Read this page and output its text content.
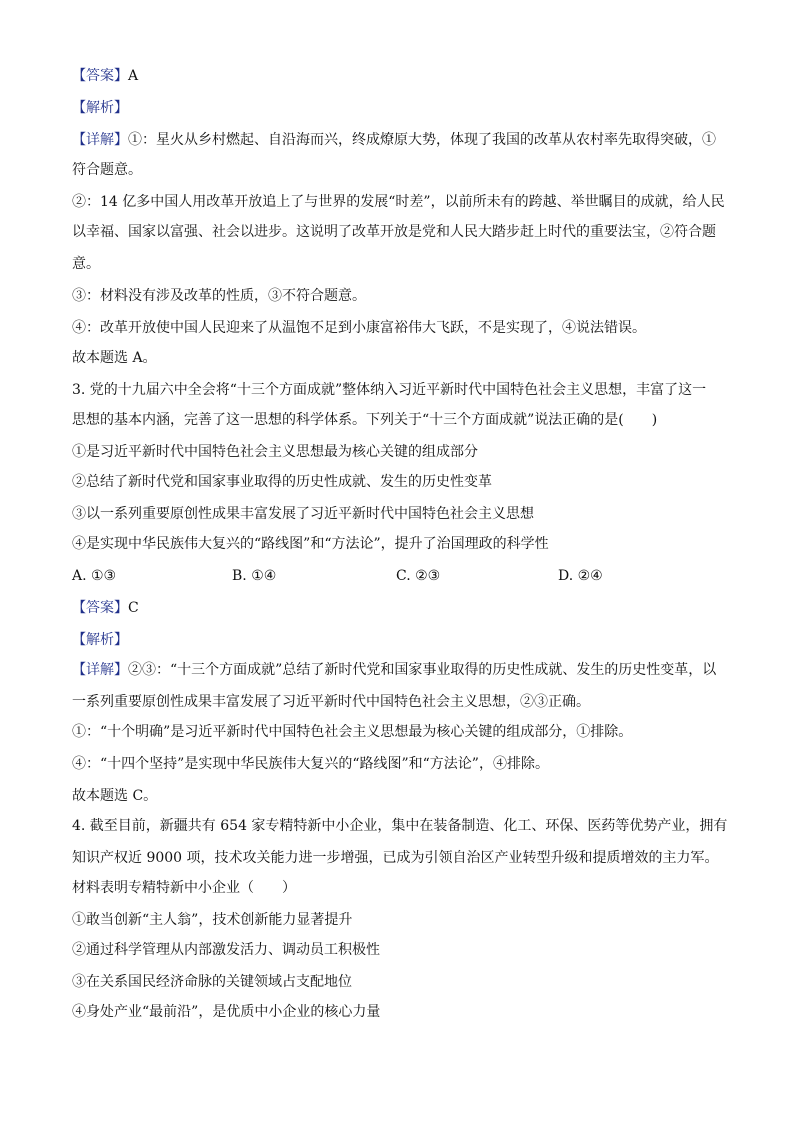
【答案】A
【解析】
【详解】①：星火从乡村燃起、自沿海而兴，终成燎原大势，体现了我国的改革从农村率先取得突破，①
符合题意。
②：14 亿多中国人用改革开放追上了与世界的发展“时差”，以前所未有的跨越、举世瞩目的成就，给人民
以幸福、国家以富强、社会以进步。这说明了改革开放是党和人民大踏步赶上时代的重要法宝，②符合题
意。
③：材料没有涉及改革的性质，③不符合题意。
④：改革开放使中国人民迎来了从温饱不足到小康富裕伟大飞跃，不是实现了，④说法错误。
故本题选 A。
3. 党的十九届六中全会将“十三个方面成就”整体纳入习近平新时代中国特色社会主义思想，丰富了这一
思想的基本内涵，完善了这一思想的科学体系。下列关于“十三个方面成就”说法正确的是(　　)
①是习近平新时代中国特色社会主义思想最为核心关键的组成部分
②总结了新时代党和国家事业取得的历史性成就、发生的历史性变革
③以一系列重要原创性成果丰富发展了习近平新时代中国特色社会主义思想
④是实现中华民族伟大复兴的“路线图”和“方法论”，提升了治国理政的科学性
A. ①③	B. ①④	C. ②③	D. ②④
【答案】C
【解析】
【详解】②③：“十三个方面成就”总结了新时代党和国家事业取得的历史性成就、发生的历史性变革，以
一系列重要原创性成果丰富发展了习近平新时代中国特色社会主义思想，②③正确。
①：“十个明确”是习近平新时代中国特色社会主义思想最为核心关键的组成部分，①排除。
④：“十四个坚持”是实现中华民族伟大复兴的“路线图”和“方法论”，④排除。
故本题选 C。
4. 截至目前，新疆共有 654 家专精特新中小企业，集中在装备制造、化工、环保、医药等优势产业，拥有
知识产权近 9000 项，技术攻关能力进一步增强，已成为引领自治区产业转型升级和提质增效的主力军。
材料表明专精特新中小企业（　　）
①敢当创新“主人翁”，技术创新能力显著提升
②通过科学管理从内部激发活力、调动员工积极性
③在关系国民经济命脉的关键领域占支配地位
④身处产业“最前沿”，是优质中小企业的核心力量
